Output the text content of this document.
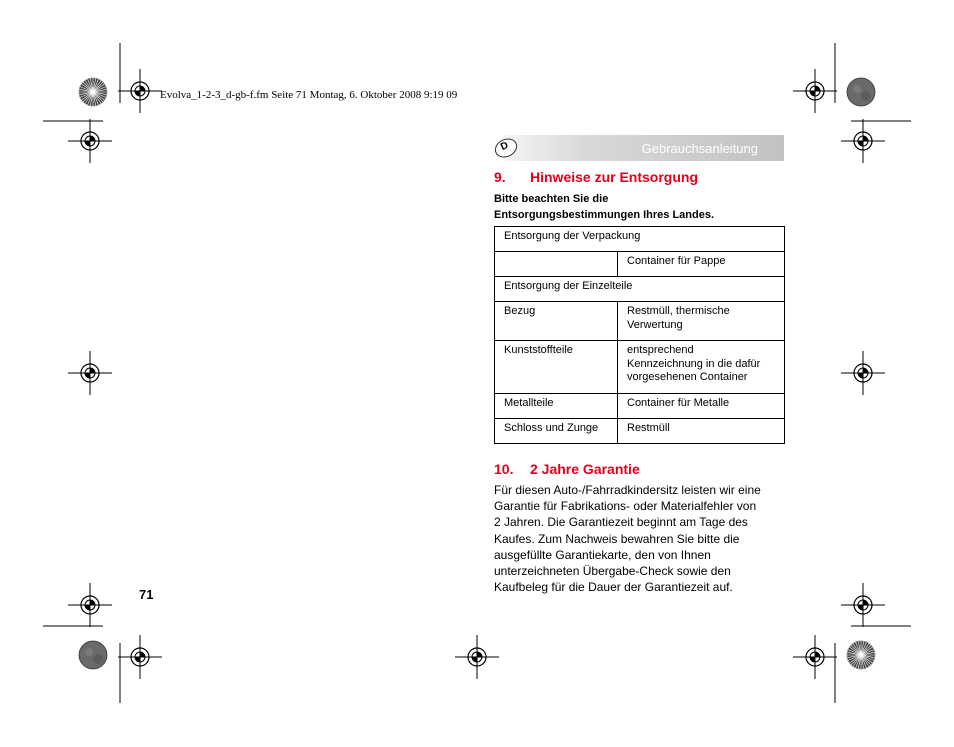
Evolva_1-2-3_d-gb-f.fm Seite 71 Montag, 6. Oktober 2008 9:19 09
D	Gebrauchsanleitung
9. Hinweise zur Entsorgung
Bitte beachten Sie die
Entsorgungsbestimmungen Ihres Landes.
Entsorgung der Verpackung	
	Container für Pappe
Entsorgung der Einzelteile	
Bezug	Restmüll, thermische
Verwertung

Kunststoffteile	entsprechend
Kennzeichnung in die dafür
vorgesehenen Container

Metallteile	Container für Metalle

Schloss und Zunge	Restmüll
10. 2 Jahre Garantie
Für diesen Auto-/Fahrradkindersitz leisten wir eine
Garantie für Fabrikations- oder Materialfehler von
2 Jahren. Die Garantiezeit beginnt am Tage des
Kaufes. Zum Nachweis bewahren Sie bitte die
ausgefüllte Garantiekarte, den von Ihnen
unterzeichneten Übergabe-Check sowie den
Kaufbeleg für die Dauer der Garantiezeit auf.
71
